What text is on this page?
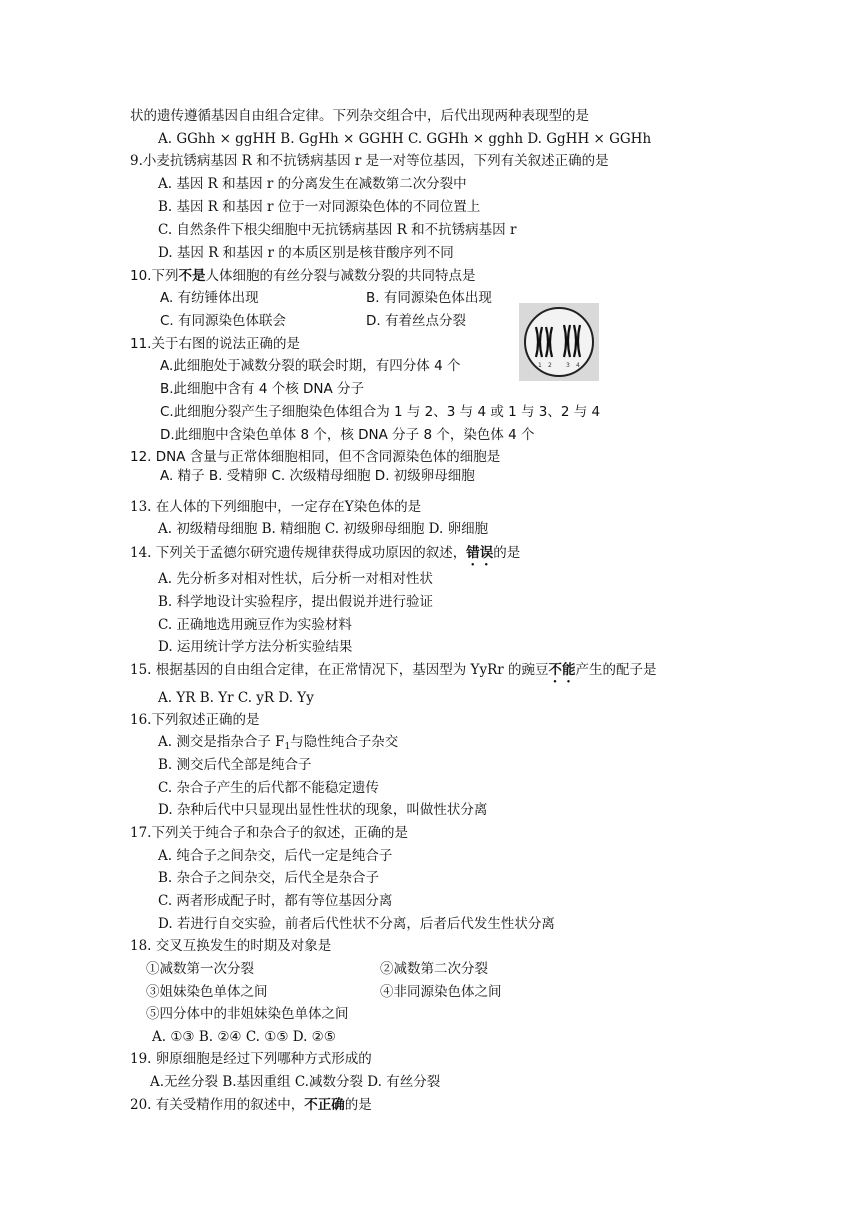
状的遗传遵循基因自由组合定律。下列杂交组合中，后代出现两种表现型的是
A. GGhh × ggHH B. GgHh × GGHH C. GGHh × gghh D. GgHH × GGHh
9.小麦抗锈病基因 R 和不抗锈病基因 r 是一对等位基因，下列有关叙述正确的是
A. 基因 R 和基因 r 的分离发生在减数第二次分裂中
B. 基因 R 和基因 r 位于一对同源染色体的不同位置上
C. 自然条件下根尖细胞中无抗锈病基因 R 和不抗锈病基因 r
D. 基因 R 和基因 r 的本质区别是核苷酸序列不同
10.下列不是人体细胞的有丝分裂与减数分裂的共同特点是
A. 有纺锤体出现	B. 有同源染色体出现
C. 有同源染色体联会	D. 有着丝点分裂
11.关于右图的说法正确的是
A.此细胞处于减数分裂的联会时期，有四分体 4 个
B.此细胞中含有 4 个核 DNA 分子
C.此细胞分裂产生子细胞染色体组合为 1 与 2、3 与 4 或 1 与 3、2 与 4
D.此细胞中含染色单体 8 个，核 DNA 分子 8 个，染色体 4 个
1 2 3 4
12. DNA 含量与正常体细胞相同，但不含同源染色体的细胞是
A. 精子 B. 受精卵 C. 次级精母细胞 D. 初级卵母细胞
13. 在人体的下列细胞中，一定存在Y染色体的是
A. 初级精母细胞 B. 精细胞 C. 初级卵母细胞 D. 卵细胞
14. 下列关于孟德尔研究遗传规律获得成功原因的叙述，错误的是
A. 先分析多对相对性状，后分析一对相对性状
B. 科学地设计实验程序，提出假说并进行验证
C. 正确地选用豌豆作为实验材料
D. 运用统计学方法分析实验结果
15. 根据基因的自由组合定律，在正常情况下，基因型为 YyRr 的豌豆不能产生的配子是
A. YR B. Yr C. yR D. Yy
16.下列叙述正确的是
A. 测交是指杂合子 $F_1$与隐性纯合子杂交
B. 测交后代全部是纯合子
C. 杂合子产生的后代都不能稳定遗传
D. 杂种后代中只显现出显性性状的现象，叫做性状分离
17.下列关于纯合子和杂合子的叙述，正确的是
A. 纯合子之间杂交，后代一定是纯合子
B. 杂合子之间杂交，后代全是杂合子
C. 两者形成配子时，都有等位基因分离
D. 若进行自交实验，前者后代性状不分离，后者后代发生性状分离
18. 交叉互换发生的时期及对象是
①减数第一次分裂	②减数第二次分裂
③姐妹染色单体之间	④非同源染色体之间
⑤四分体中的非姐妹染色单体之间
A. ①③ B. ②④ C. ①⑤ D. ②⑤
19. 卵原细胞是经过下列哪种方式形成的
A.无丝分裂 B.基因重组 C.减数分裂 D. 有丝分裂
20. 有关受精作用的叙述中，不正确的是
